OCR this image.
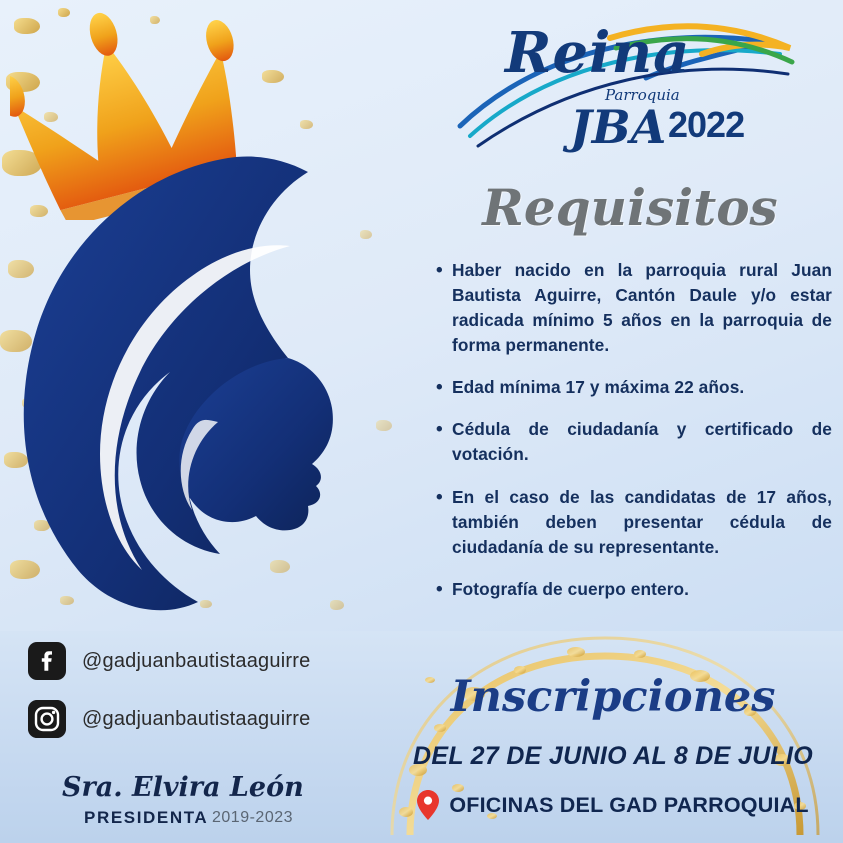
Reina
Parroquia
JBA 2022
Requisitos
• Haber nacido en la parroquia rural Juan Bautista Aguirre, Cantón Daule y/o estar radicada mínimo 5 años en la parroquia de forma permanente.
• Edad mínima 17 y máxima 22 años.
• Cédula de ciudadanía y certificado de votación.
• En el caso de las candidatas de 17 años, también deben presentar cédula de ciudadanía de su representante.
• Fotografía de cuerpo entero.
@gadjuanbautistaaguirre
@gadjuanbautistaaguirre
Sra. Elvira León
PRESIDENTA 2019-2023
Inscripciones
DEL 27 DE JUNIO AL 8 DE JULIO
OFICINAS DEL GAD PARROQUIAL
